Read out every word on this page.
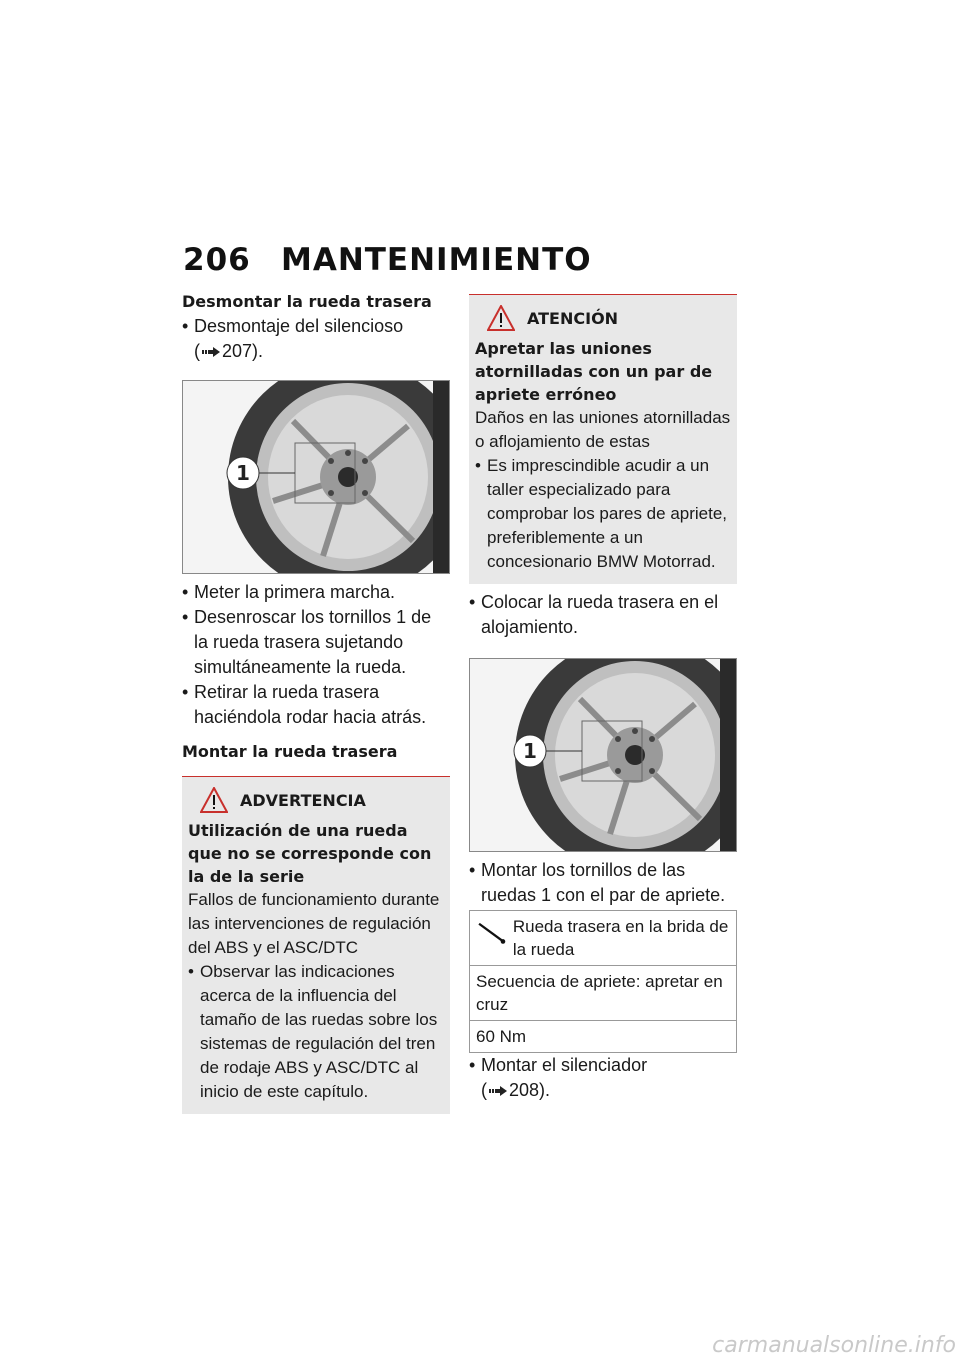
206 MANTENIMIENTO

Desmontar la rueda trasera

• Desmontaje del silencioso
( 207).
1
• Meter la primera marcha.
• Desenroscar los tornillos 1 de la rueda trasera sujetando simultáneamente la rueda.
• Retirar la rueda trasera haciéndola rodar hacia atrás.

Montar la rueda trasera

ADVERTENCIA

Utilización de una rueda que no se corresponde con la de la serie

Fallos de funcionamiento durante las intervenciones de regulación del ABS y el ASC/DTC

• Observar las indicaciones acerca de la influencia del tamaño de las ruedas sobre los sistemas de regulación del tren de rodaje ABS y ASC/DTC al inicio de este capítulo.
ATENCIÓN

Apretar las uniones atornilladas con un par de apriete erróneo

Daños en las uniones atornilladas o aflojamiento de estas

• Es imprescindible acudir a un taller especializado para comprobar los pares de apriete, preferiblemente a un concesionario BMW Motorrad.
• Colocar la rueda trasera en el alojamiento.
1
• Montar los tornillos de las ruedas 1 con el par de apriete.
Rueda trasera en la brida de la rueda

Secuencia de apriete: apretar en cruz
60 Nm
• Montar el silenciador
( 208).
carmanualsonline.info
